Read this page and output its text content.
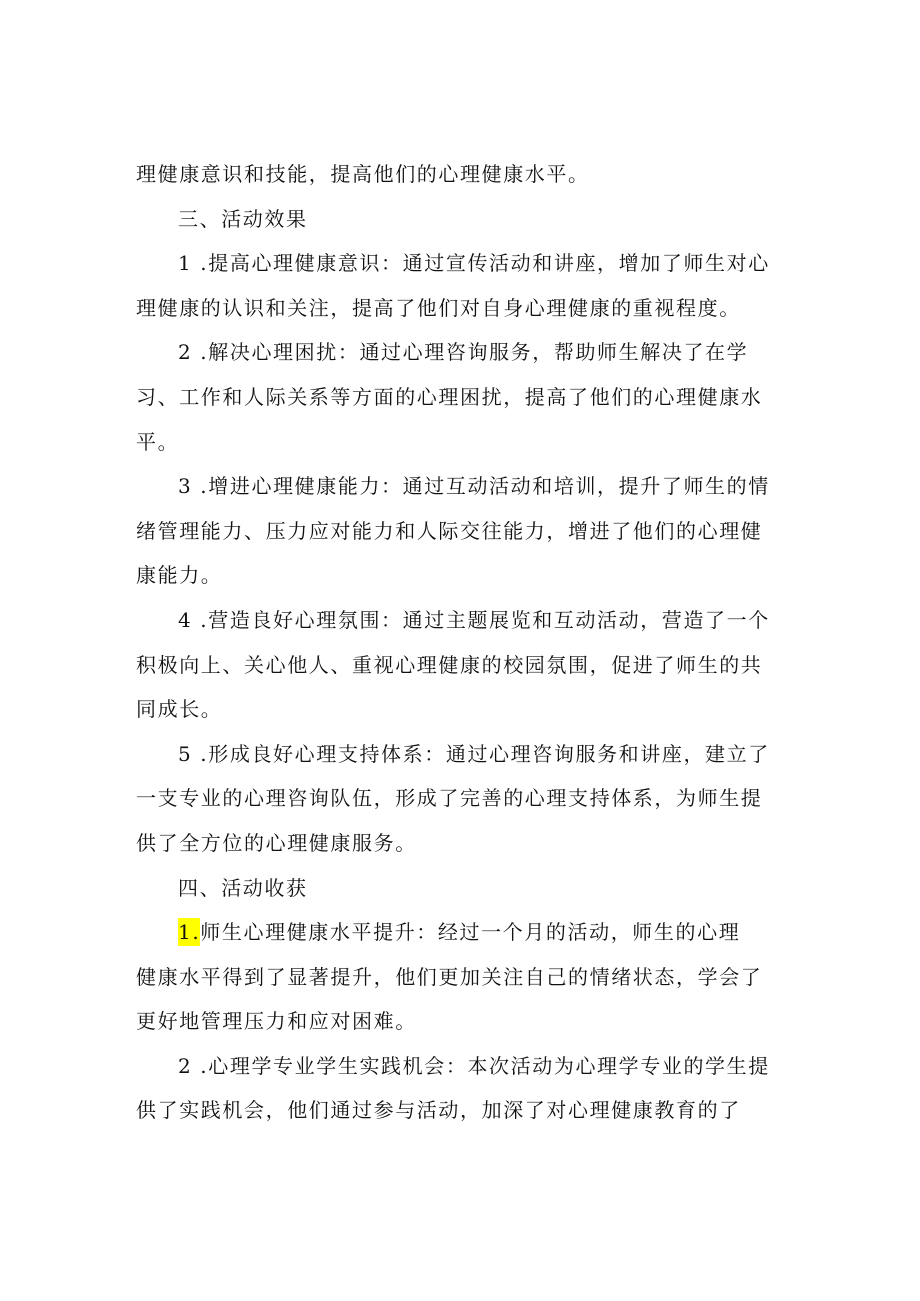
理健康意识和技能，提高他们的心理健康水平。
三、活动效果
1 .提高心理健康意识：通过宣传活动和讲座，增加了师生对心
理健康的认识和关注，提高了他们对自身心理健康的重视程度。
2 .解决心理困扰：通过心理咨询服务，帮助师生解决了在学
习、工作和人际关系等方面的心理困扰，提高了他们的心理健康水
平。
3 .增进心理健康能力：通过互动活动和培训，提升了师生的情
绪管理能力、压力应对能力和人际交往能力，增进了他们的心理健
康能力。
4 .营造良好心理氛围：通过主题展览和互动活动，营造了一个
积极向上、关心他人、重视心理健康的校园氛围，促进了师生的共
同成长。
5 .形成良好心理支持体系：通过心理咨询服务和讲座，建立了
一支专业的心理咨询队伍，形成了完善的心理支持体系，为师生提
供了全方位的心理健康服务。
四、活动收获
1.师生心理健康水平提升：经过一个月的活动，师生的心理
健康水平得到了显著提升，他们更加关注自己的情绪状态，学会了
更好地管理压力和应对困难。
2 .心理学专业学生实践机会：本次活动为心理学专业的学生提
供了实践机会，他们通过参与活动，加深了对心理健康教育的了
